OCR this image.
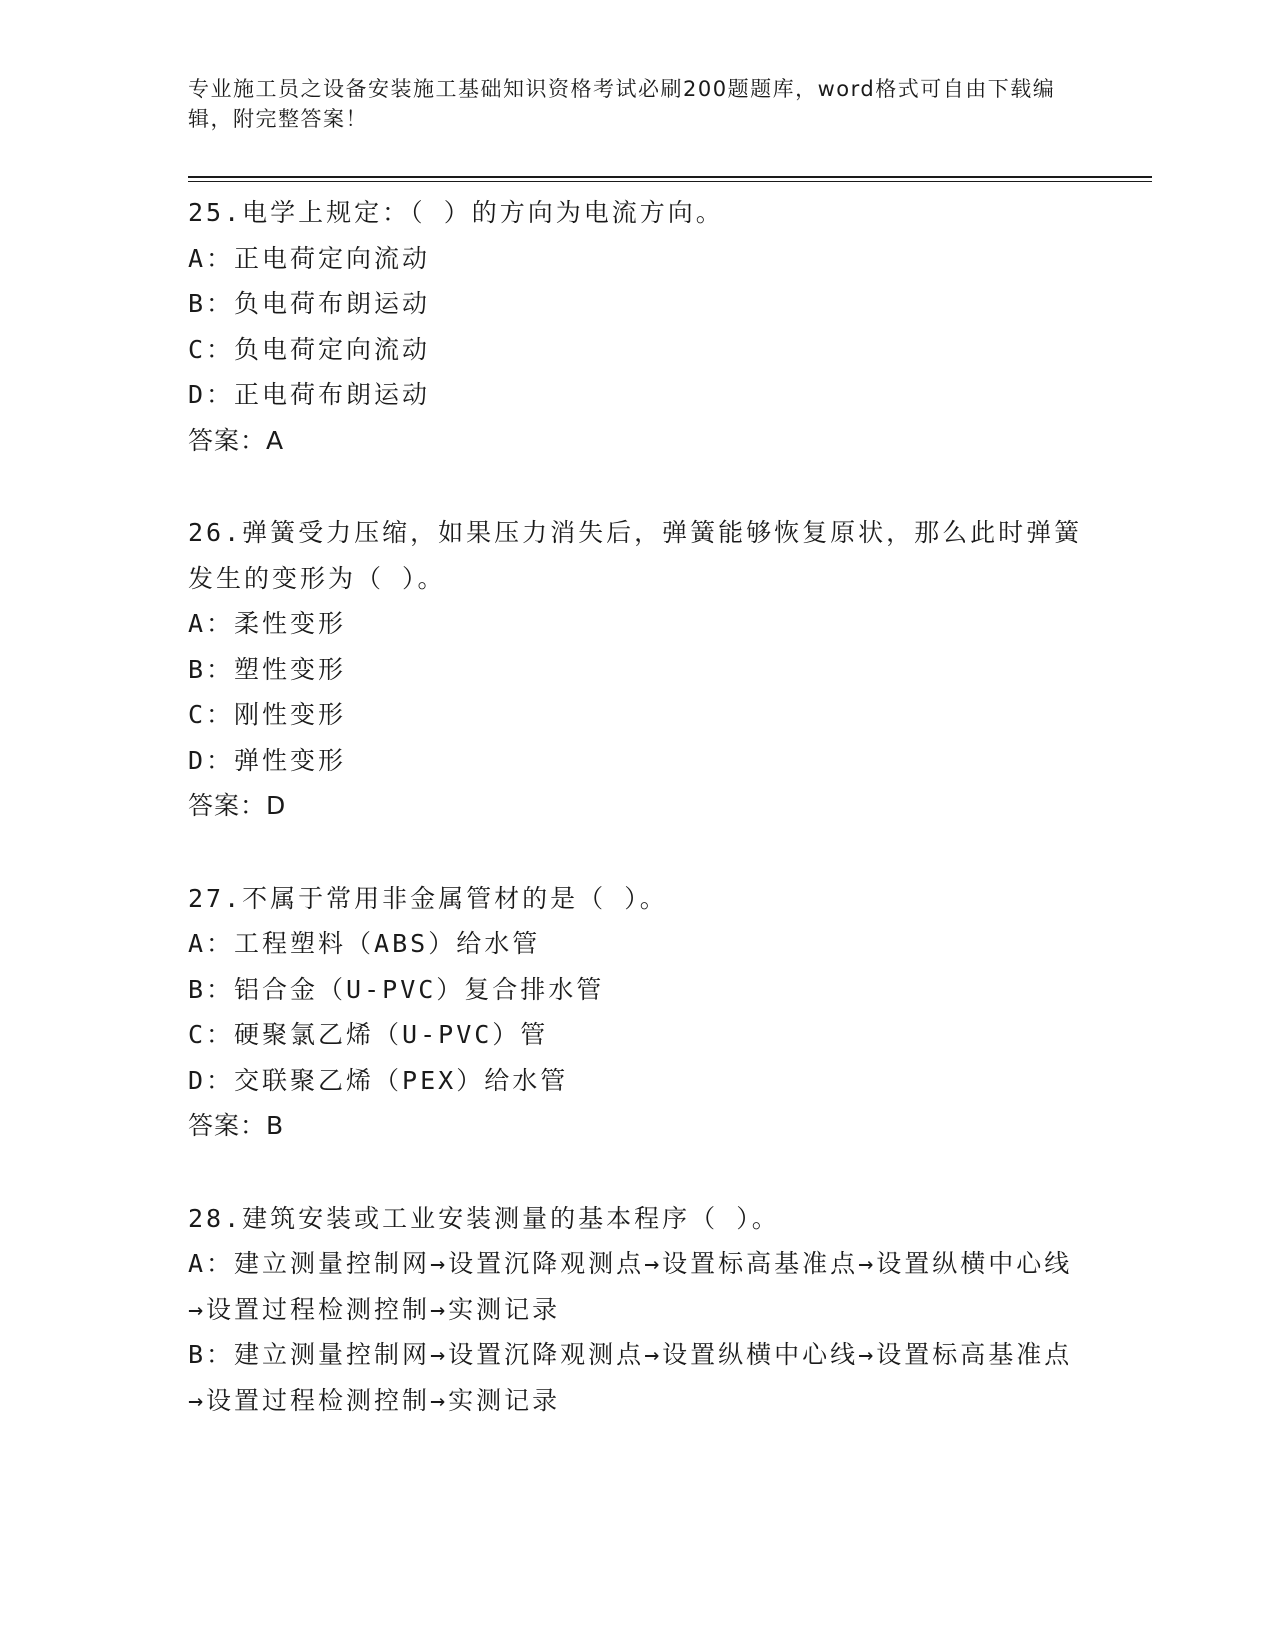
专业施工员之设备安装施工基础知识资格考试必刷200题题库，word格式可自由下载编辑，附完整答案！

25.电学上规定：（ ）的方向为电流方向。

A：正电荷定向流动

B：负电荷布朗运动

C：负电荷定向流动

D：正电荷布朗运动

答案：A

26.弹簧受力压缩，如果压力消失后，弹簧能够恢复原状，那么此时弹簧发生的变形为（ ）。

A：柔性变形

B：塑性变形

C：刚性变形

D：弹性变形

答案：D

27.不属于常用非金属管材的是（ ）。

A：工程塑料（ABS）给水管

B：铝合金（U-PVC）复合排水管

C：硬聚氯乙烯（U-PVC）管

D：交联聚乙烯（PEX）给水管

答案：B

28.建筑安装或工业安装测量的基本程序（ ）。

A：建立测量控制网→设置沉降观测点→设置标高基准点→设置纵横中心线→设置过程检测控制→实测记录

B：建立测量控制网→设置沉降观测点→设置纵横中心线→设置标高基准点→设置过程检测控制→实测记录
